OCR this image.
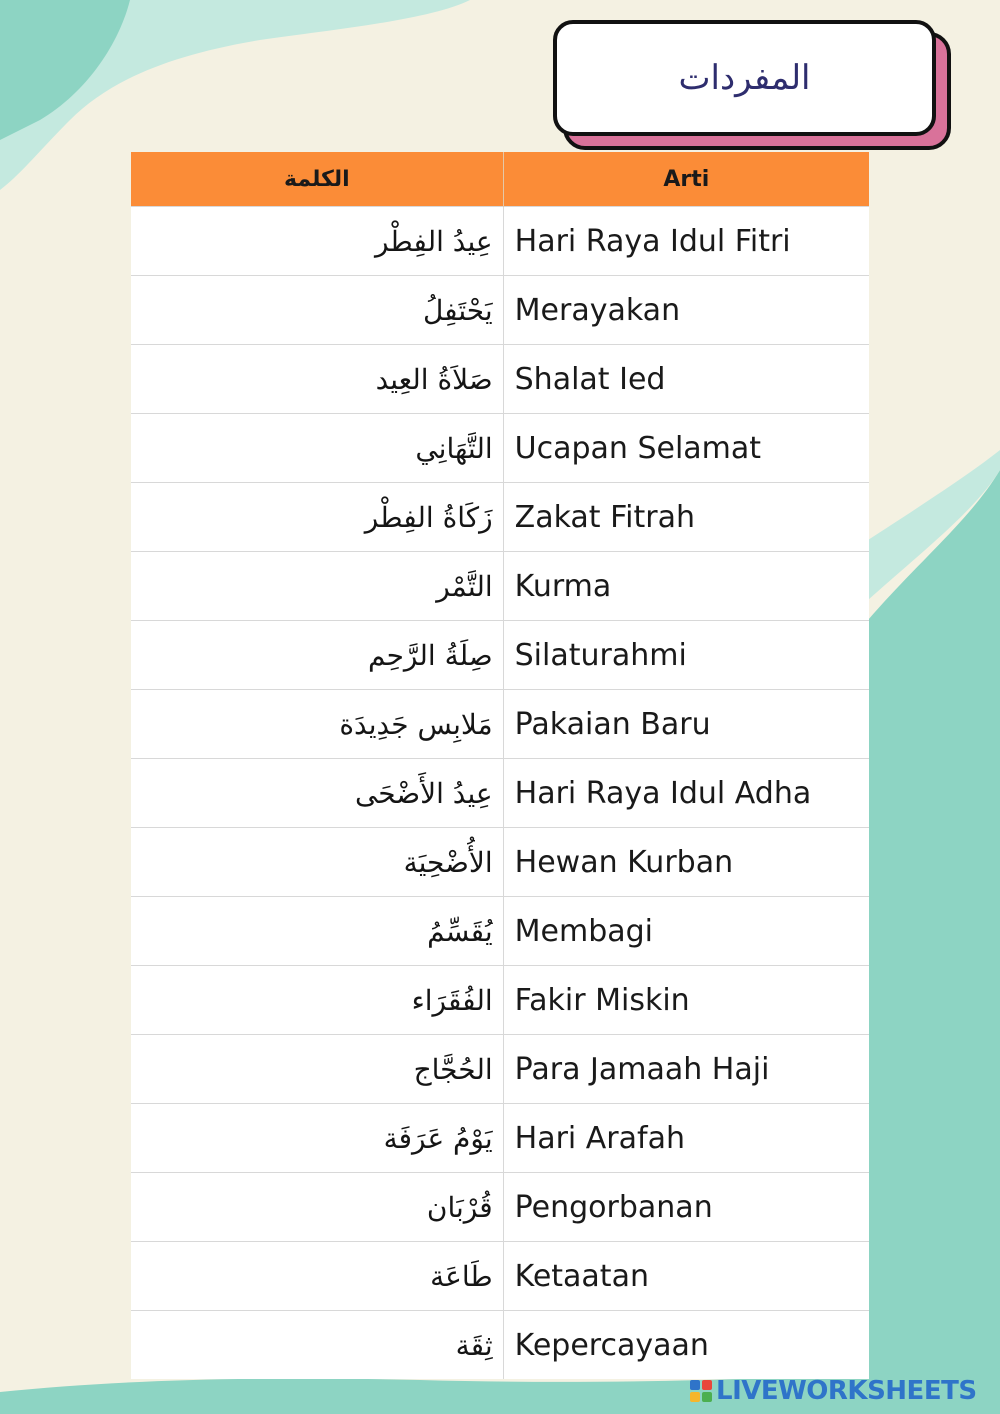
المفردات
الكلمة	Arti
عِيدُ الفِطْر	Hari Raya Idul Fitri
يَحْتَفِلُ	Merayakan
صَلاَةُ العِيد	Shalat Ied
التَّهَانِي	Ucapan Selamat
زَكَاةُ الفِطْر	Zakat Fitrah
التَّمْر	Kurma
صِلَةُ الرَّحِم	Silaturahmi
مَلابِس جَدِيدَة	Pakaian Baru
عِيدُ الأَضْحَى	Hari Raya Idul Adha
الأُضْحِيَة	Hewan Kurban
يُقَسِّمُ	Membagi
الفُقَرَاء	Fakir Miskin
الحُجَّاج	Para Jamaah Haji
يَوْمُ عَرَفَة	Hari Arafah
قُرْبَان	Pengorbanan
طَاعَة	Ketaatan
ثِقَة	Kepercayaan
LIVEWORKSHEETS
